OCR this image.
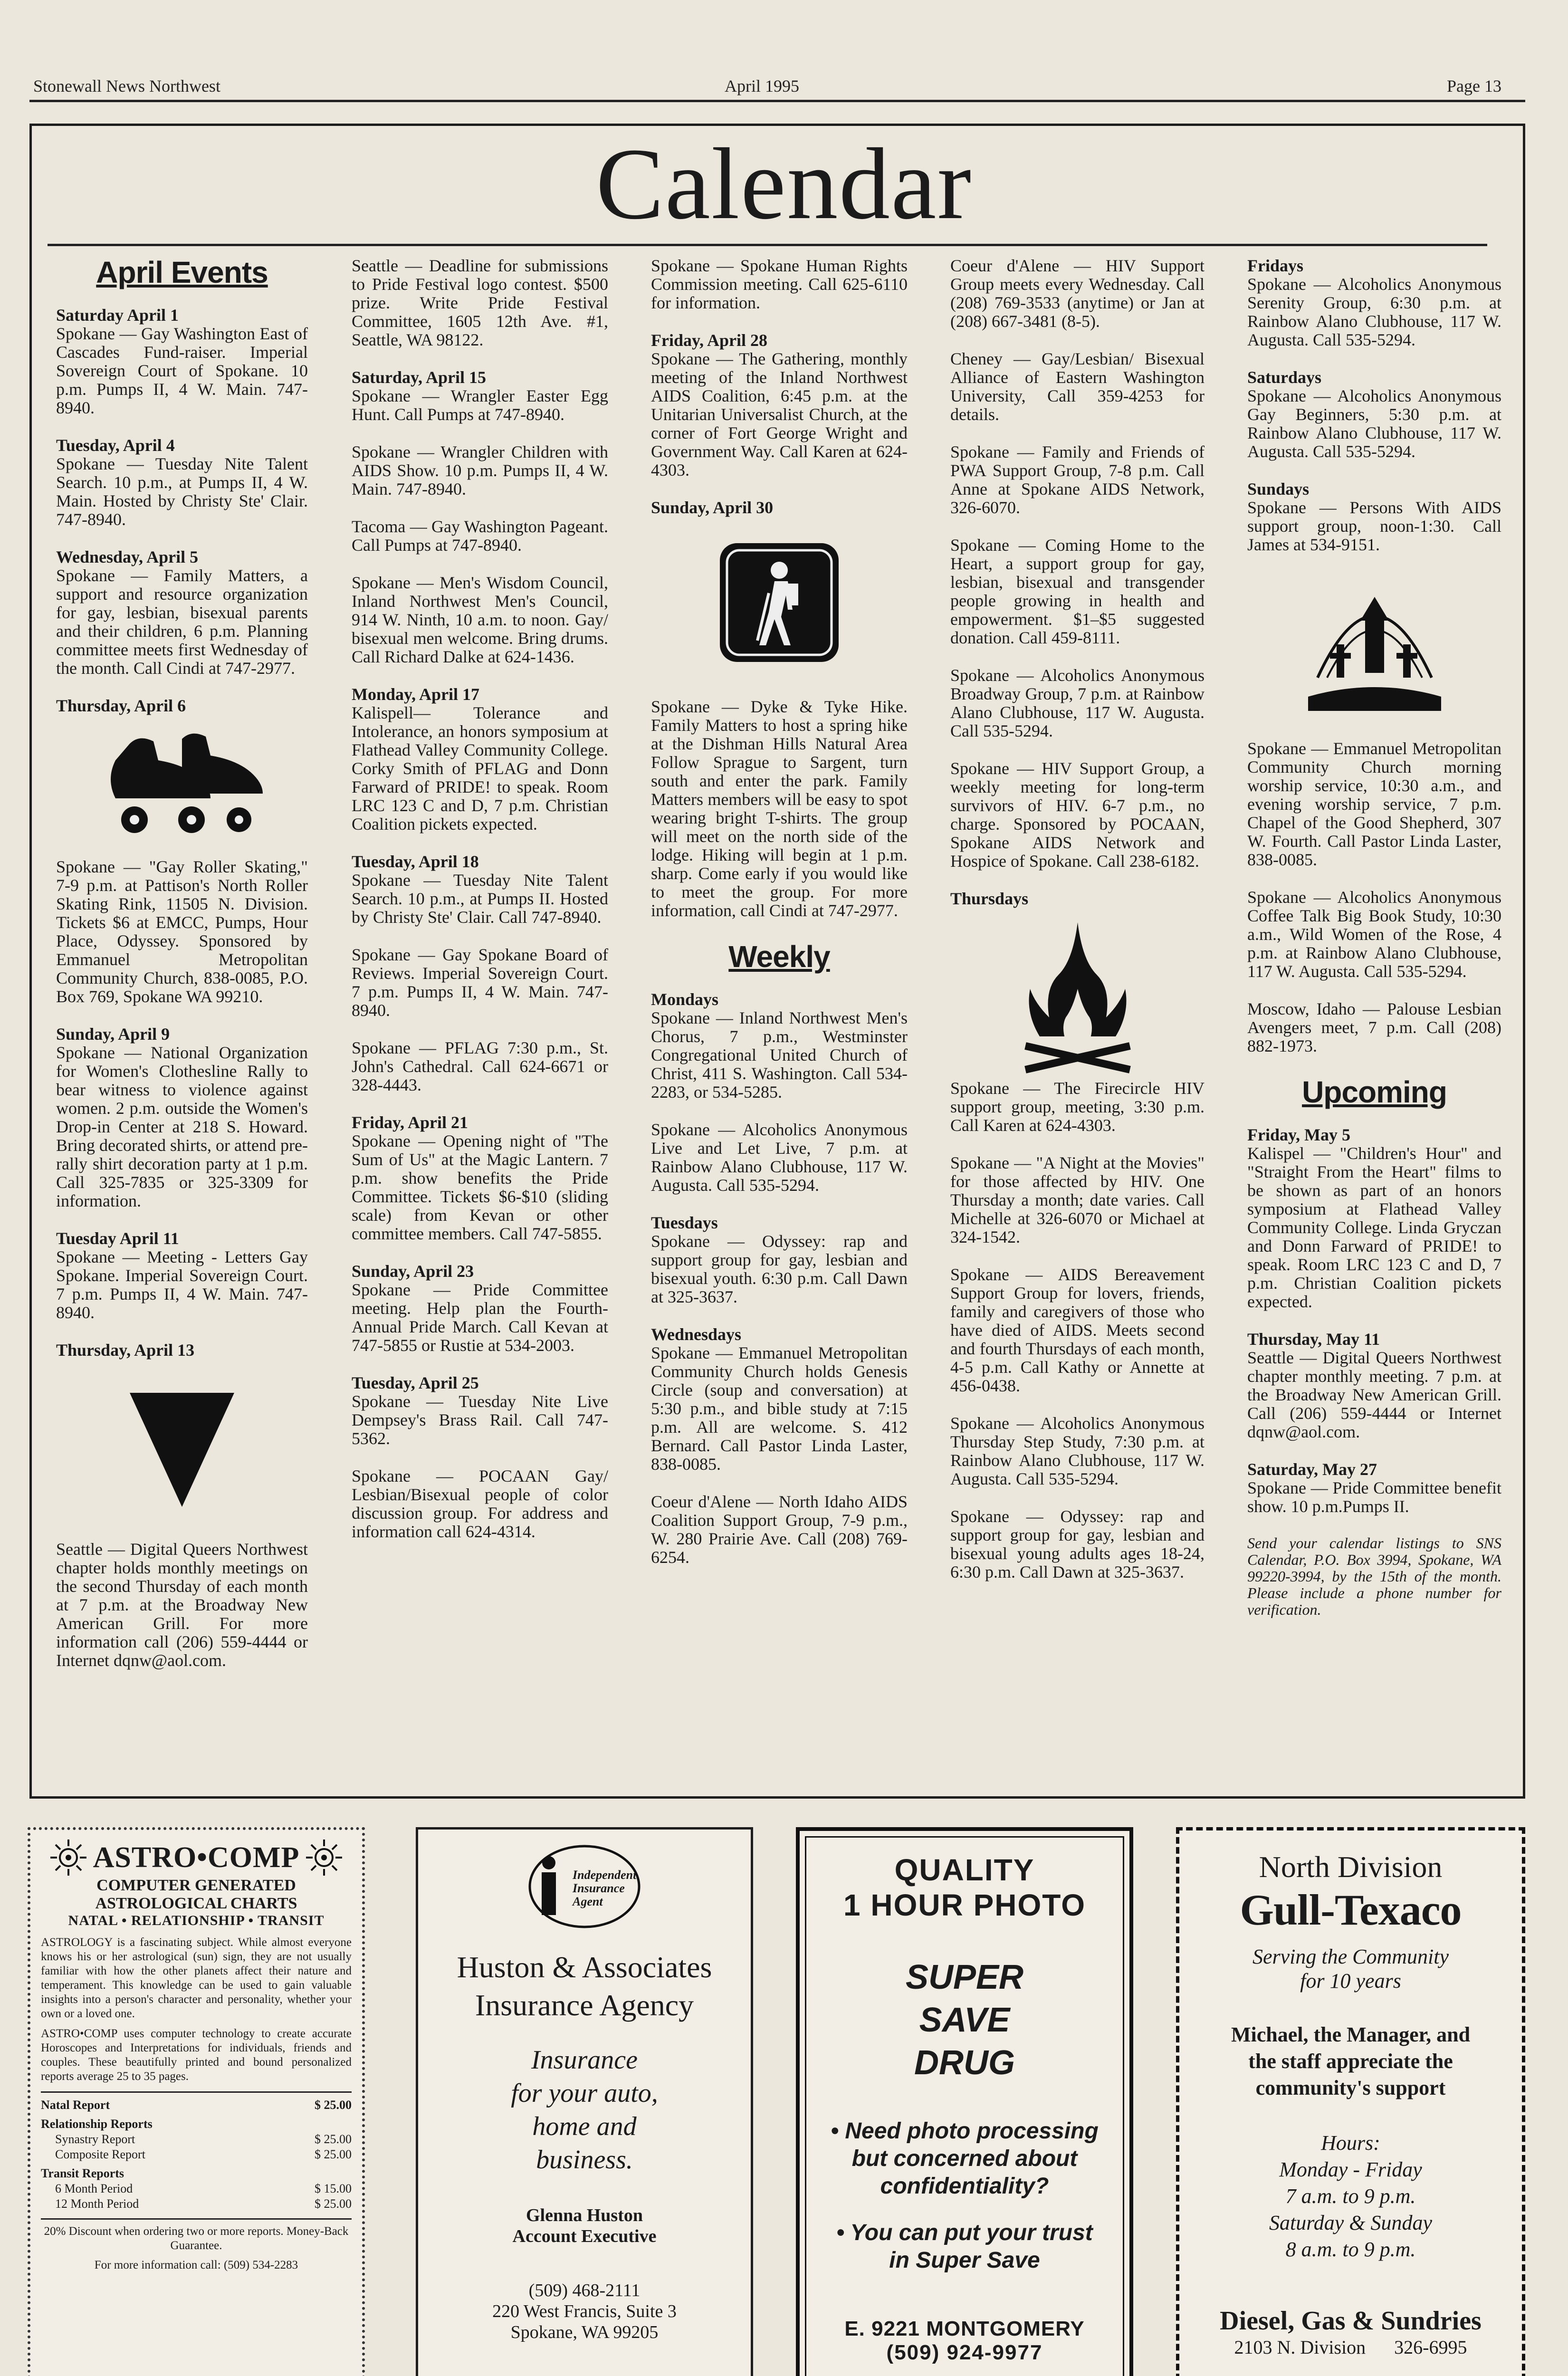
Stonewall News Northwest	April 1995	Page 13
Calendar
April Events

Saturday April 1
Spokane — Gay Washington East of Cascades Fund-raiser. Imperial Sovereign Court of Spokane. 10 p.m. Pumps II, 4 W. Main. 747-8940.

Tuesday, April 4
Spokane — Tuesday Nite Talent Search. 10 p.m., at Pumps II, 4 W. Main. Hosted by Christy Ste' Clair. 747-8940.

Wednesday, April 5
Spokane — Family Matters, a support and resource organization for gay, lesbian, bisexual parents and their children, 6 p.m. Planning committee meets first Wednesday of the month. Call Cindi at 747-2977.

Thursday, April 6
Spokane — "Gay Roller Skating," 7-9 p.m. at Pattison's North Roller Skating Rink, 11505 N. Division. Tickets $6 at EMCC, Pumps, Hour Place, Odyssey. Sponsored by Emmanuel Metropolitan Community Church, 838-0085, P.O. Box 769, Spokane WA 99210.

Sunday, April 9
Spokane — National Organization for Women's Clothesline Rally to bear witness to violence against women. 2 p.m. outside the Women's Drop-in Center at 218 S. Howard. Bring decorated shirts, or attend pre-rally shirt decoration party at 1 p.m. Call 325-7835 or 325-3309 for information.

Tuesday April 11
Spokane — Meeting - Letters Gay Spokane. Imperial Sovereign Court. 7 p.m. Pumps II, 4 W. Main. 747-8940.

Thursday, April 13
Seattle — Digital Queers Northwest chapter holds monthly meetings on the second Thursday of each month at 7 p.m. at the Broadway New American Grill. For more information call (206) 559-4444 or Internet dqnw@aol.com.

Seattle — Deadline for submissions to Pride Festival logo contest. $500 prize. Write Pride Festival Committee, 1605 12th Ave. #1, Seattle, WA 98122.

Saturday, April 15
Spokane — Wrangler Easter Egg Hunt. Call Pumps at 747-8940.

Spokane — Wrangler Children with AIDS Show. 10 p.m. Pumps II, 4 W. Main. 747-8940.

Tacoma — Gay Washington Pageant. Call Pumps at 747-8940.

Spokane — Men's Wisdom Council, Inland Northwest Men's Council, 914 W. Ninth, 10 a.m. to noon. Gay/ bisexual men welcome. Bring drums. Call Richard Dalke at 624-1436.

Monday, April 17
Kalispell— Tolerance and Intolerance, an honors symposium at Flathead Valley Community College. Corky Smith of PFLAG and Donn Farward of PRIDE! to speak. Room LRC 123 C and D, 7 p.m. Christian Coalition pickets expected.

Tuesday, April 18
Spokane — Tuesday Nite Talent Search. 10 p.m., at Pumps II. Hosted by Christy Ste' Clair. Call 747-8940.

Spokane — Gay Spokane Board of Reviews. Imperial Sovereign Court. 7 p.m. Pumps II, 4 W. Main. 747-8940.

Spokane — PFLAG 7:30 p.m., St. John's Cathedral. Call 624-6671 or 328-4443.

Friday, April 21
Spokane — Opening night of "The Sum of Us" at the Magic Lantern. 7 p.m. show benefits the Pride Committee. Tickets $6-$10 (sliding scale) from Kevan or other committee members. Call 747-5855.

Sunday, April 23
Spokane — Pride Committee meeting. Help plan the Fourth-Annual Pride March. Call Kevan at 747-5855 or Rustie at 534-2003.

Tuesday, April 25
Spokane — Tuesday Nite Live Dempsey's Brass Rail. Call 747-5362.

Spokane — POCAAN Gay/ Lesbian/Bisexual people of color discussion group. For address and information call 624-4314.

Spokane — Spokane Human Rights Commission meeting. Call 625-6110 for information.

Friday, April 28
Spokane — The Gathering, monthly meeting of the Inland Northwest AIDS Coalition, 6:45 p.m. at the Unitarian Universalist Church, at the corner of Fort George Wright and Government Way. Call Karen at 624-4303.

Sunday, April 30

Spokane — Dyke & Tyke Hike. Family Matters to host a spring hike at the Dishman Hills Natural Area Follow Sprague to Sargent, turn south and enter the park. Family Matters members will be easy to spot wearing bright T-shirts. The group will meet on the north side of the lodge. Hiking will begin at 1 p.m. sharp. Come early if you would like to meet the group. For more information, call Cindi at 747-2977.

Weekly

Mondays
Spokane — Inland Northwest Men's Chorus, 7 p.m., Westminster Congregational United Church of Christ, 411 S. Washington. Call 534-2283, or 534-5285.

Spokane — Alcoholics Anonymous Live and Let Live, 7 p.m. at Rainbow Alano Clubhouse, 117 W. Augusta. Call 535-5294.

Tuesdays
Spokane — Odyssey: rap and support group for gay, lesbian and bisexual youth. 6:30 p.m. Call Dawn at 325-3637.

Wednesdays
Spokane — Emmanuel Metropolitan Community Church holds Genesis Circle (soup and conversation) at 5:30 p.m., and bible study at 7:15 p.m. All are welcome. S. 412 Bernard. Call Pastor Linda Laster, 838-0085.

Coeur d'Alene — North Idaho AIDS Coalition Support Group, 7-9 p.m., W. 280 Prairie Ave. Call (208) 769-6254.

Coeur d'Alene — HIV Support Group meets every Wednesday. Call (208) 769-3533 (anytime) or Jan at (208) 667-3481 (8-5).

Cheney — Gay/Lesbian/ Bisexual Alliance of Eastern Washington University, Call 359-4253 for details.

Spokane — Family and Friends of PWA Support Group, 7-8 p.m. Call Anne at Spokane AIDS Network, 326-6070.

Spokane — Coming Home to the Heart, a support group for gay, lesbian, bisexual and transgender people growing in health and empowerment. $1–$5 suggested donation. Call 459-8111.

Spokane — Alcoholics Anonymous Broadway Group, 7 p.m. at Rainbow Alano Clubhouse, 117 W. Augusta. Call 535-5294.

Spokane — HIV Support Group, a weekly meeting for long-term survivors of HIV. 6-7 p.m., no charge. Sponsored by POCAAN, Spokane AIDS Network and Hospice of Spokane. Call 238-6182.

Thursdays
Spokane — The Firecircle HIV support group, meeting, 3:30 p.m. Call Karen at 624-4303.

Spokane — "A Night at the Movies" for those affected by HIV. One Thursday a month; date varies. Call Michelle at 326-6070 or Michael at 324-1542.

Spokane — AIDS Bereavement Support Group for lovers, friends, family and caregivers of those who have died of AIDS. Meets second and fourth Thursdays of each month, 4-5 p.m. Call Kathy or Annette at 456-0438.

Spokane — Alcoholics Anonymous Thursday Step Study, 7:30 p.m. at Rainbow Alano Clubhouse, 117 W. Augusta. Call 535-5294.

Spokane — Odyssey: rap and support group for gay, lesbian and bisexual young adults ages 18-24, 6:30 p.m. Call Dawn at 325-3637.

Fridays
Spokane — Alcoholics Anonymous Serenity Group, 6:30 p.m. at Rainbow Alano Clubhouse, 117 W. Augusta. Call 535-5294.

Saturdays
Spokane — Alcoholics Anonymous Gay Beginners, 5:30 p.m. at Rainbow Alano Clubhouse, 117 W. Augusta. Call 535-5294.

Sundays
Spokane — Persons With AIDS support group, noon-1:30. Call James at 534-9151.

Spokane — Emmanuel Metropolitan Community Church morning worship service, 10:30 a.m., and evening worship service, 7 p.m. Chapel of the Good Shepherd, 307 W. Fourth. Call Pastor Linda Laster, 838-0085.

Spokane — Alcoholics Anonymous Coffee Talk Big Book Study, 10:30 a.m., Wild Women of the Rose, 4 p.m. at Rainbow Alano Clubhouse, 117 W. Augusta. Call 535-5294.

Moscow, Idaho — Palouse Lesbian Avengers meet, 7 p.m. Call (208) 882-1973.

Upcoming

Friday, May 5
Kalispel — "Children's Hour" and "Straight From the Heart" films to be shown as part of an honors symposium at Flathead Valley Community College. Linda Gryczan and Donn Farward of PRIDE! to speak. Room LRC 123 C and D, 7 p.m. Christian Coalition pickets expected.

Thursday, May 11
Seattle — Digital Queers Northwest chapter monthly meeting. 7 p.m. at the Broadway New American Grill. Call (206) 559-4444 or Internet dqnw@aol.com.

Saturday, May 27
Spokane — Pride Committee benefit show. 10 p.m.Pumps II.

Send your calendar listings to SNS Calendar, P.O. Box 3994, Spokane, WA 99220-3994, by the 15th of the month. Please include a phone number for verification.

ASTRO•COMP
COMPUTER GENERATED
ASTROLOGICAL CHARTS
NATAL • RELATIONSHIP • TRANSIT
ASTROLOGY is a fascinating subject. While almost everyone knows his or her astrological (sun) sign, they are not usually familiar with how the other planets affect their nature and temperament. This knowledge can be used to gain valuable insights into a person's character and personality, whether your own or a loved one.
ASTRO•COMP uses computer technology to create accurate Horoscopes and Interpretations for individuals, friends and couples. These beautifully printed and bound personalized reports average 25 to 35 pages.
Natal Report	$ 25.00
Relationship Reports
Synastry Report	$ 25.00
Composite Report	$ 25.00
Transit Reports
6 Month Period	$ 15.00
12 Month Period	$ 25.00
20% Discount when ordering two or more reports. Money-Back Guarantee.
For more information call: (509) 534-2283
Independent
Insurance
Agent
Huston & Associates
Insurance Agency
Insurance
for your auto,
home and
business.
Glenna Huston
Account Executive
(509) 468-2111
220 West Francis, Suite 3
Spokane, WA 99205
QUALITY
1 HOUR PHOTO
SUPER
SAVE
DRUG
• Need photo processing
but concerned about
confidentiality?
• You can put your trust
in Super Save
E. 9221 MONTGOMERY
(509) 924-9977
North Division
Gull-Texaco
Serving the Community
for 10 years
Michael, the Manager, and
the staff appreciate the
community's support
Hours:
Monday - Friday
7 a.m. to 9 p.m.
Saturday & Sunday
8 a.m. to 9 p.m.
Diesel, Gas & Sundries
2103 N. Division 326-6995
